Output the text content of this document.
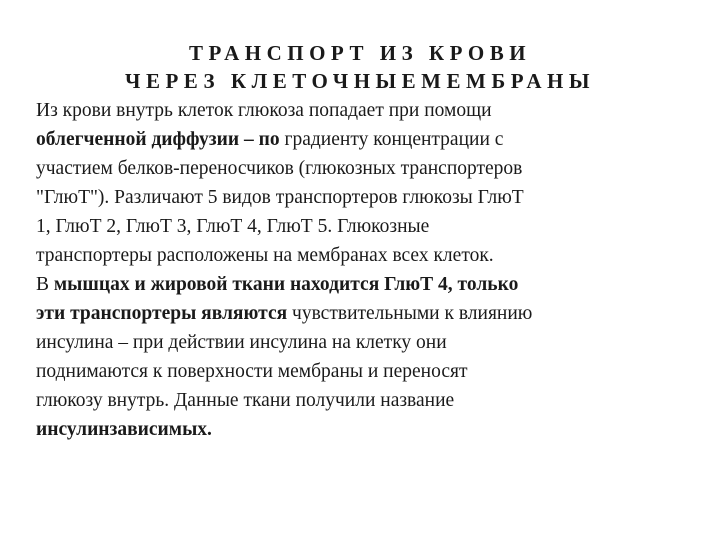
ТРАНСПОРТ ИЗ КРОВИ
ЧЕРЕЗ КЛЕТОЧНЫЕМЕМБРАНЫ
Из крови внутрь клеток глюкоза попадает при помощи
облегченной диффузии – по градиенту концентрации с
участием белков-переносчиков (глюкозных транспортеров
"ГлюТ"). Различают 5 видов транспортеров глюкозы ГлюТ
1, ГлюТ 2, ГлюТ 3, ГлюТ 4, ГлюТ 5. Глюкозные
транспортеры расположены на мембранах всех клеток.
В мышцах и жировой ткани находится ГлюТ 4, только
эти транспортеры являются чувствительными к влиянию
инсулина – при действии инсулина на клетку они
поднимаются к поверхности мембраны и переносят
глюкозу внутрь. Данные ткани получили название
инсулинзависимых.
